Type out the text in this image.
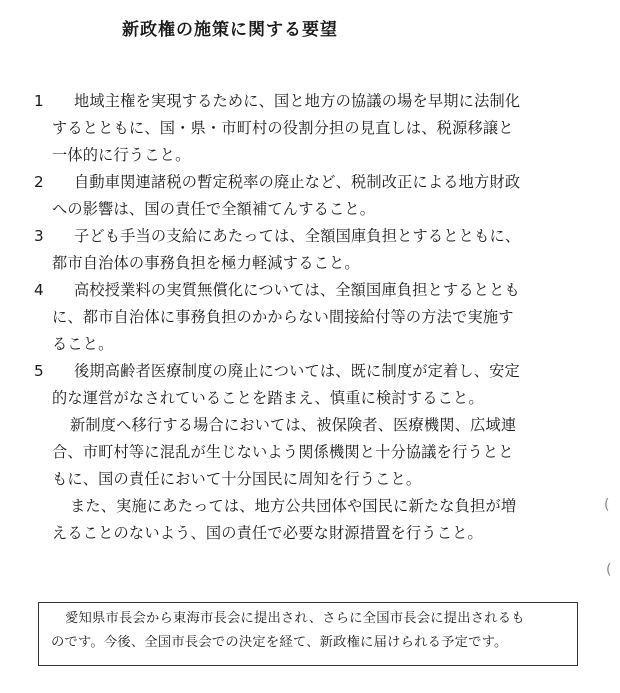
新政権の施策に関する要望
1	地域主権を実現するために、国と地方の協議の場を早期に法制化
するとともに、国・県・市町村の役割分担の見直しは、税源移譲と
一体的に行うこと。
2	自動車関連諸税の暫定税率の廃止など、税制改正による地方財政
への影響は、国の責任で全額補てんすること。
3	子ども手当の支給にあたっては、全額国庫負担とするとともに、
都市自治体の事務負担を極力軽減すること。
4	高校授業料の実質無償化については、全額国庫負担とするととも
に、都市自治体に事務負担のかからない間接給付等の方法で実施す
ること。
5	後期高齢者医療制度の廃止については、既に制度が定着し、安定
的な運営がなされていることを踏まえ、慎重に検討すること。
新制度へ移行する場合においては、被保険者、医療機関、広域連
合、市町村等に混乱が生じないよう関係機関と十分協議を行うとと
もに、国の責任において十分国民に周知を行うこと。
また、実施にあたっては、地方公共団体や国民に新たな負担が増
えることのないよう、国の責任で必要な財源措置を行うこと。
愛知県市長会から東海市長会に提出され、さらに全国市長会に提出されるも
のです。今後、全国市長会での決定を経て、新政権に届けられる予定です。
(
(
